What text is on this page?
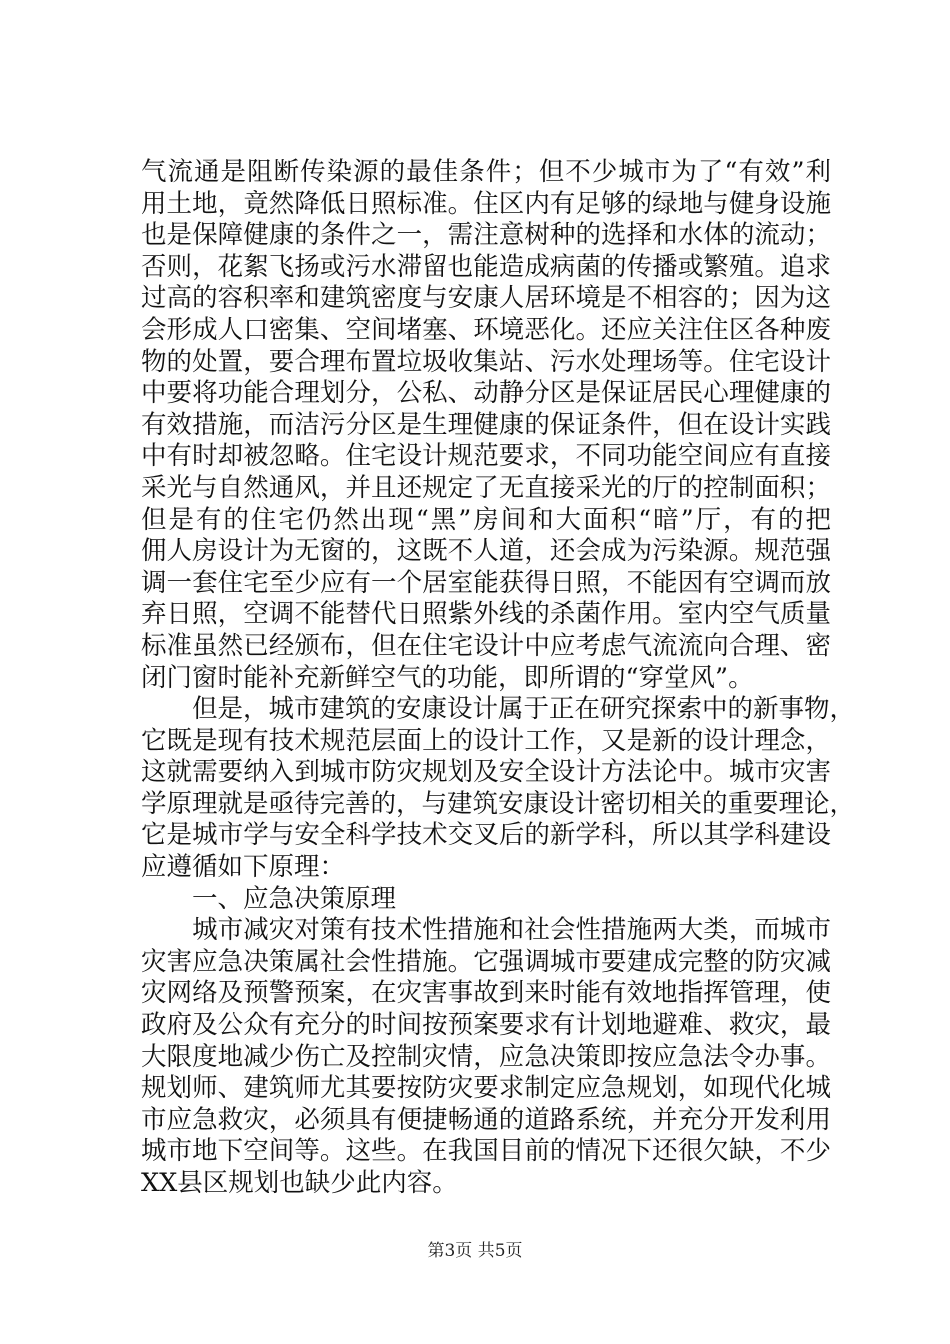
气流通是阻断传染源的最佳条件；但不少城市为了“有效”利
用土地，竟然降低日照标准。住区内有足够的绿地与健身设施
也是保障健康的条件之一，需注意树种的选择和水体的流动；
否则，花絮飞扬或污水滞留也能造成病菌的传播或繁殖。追求
过高的容积率和建筑密度与安康人居环境是不相容的；因为这
会形成人口密集、空间堵塞、环境恶化。还应关注住区各种废
物的处置，要合理布置垃圾收集站、污水处理场等。住宅设计
中要将功能合理划分，公私、动静分区是保证居民心理健康的
有效措施，而洁污分区是生理健康的保证条件，但在设计实践
中有时却被忽略。住宅设计规范要求，不同功能空间应有直接
采光与自然通风，并且还规定了无直接采光的厅的控制面积；
但是有的住宅仍然出现“黑”房间和大面积“暗”厅，有的把
佣人房设计为无窗的，这既不人道，还会成为污染源。规范强
调一套住宅至少应有一个居室能获得日照，不能因有空调而放
弃日照，空调不能替代日照紫外线的杀菌作用。室内空气质量
标准虽然已经颁布，但在住宅设计中应考虑气流流向合理、密
闭门窗时能补充新鲜空气的功能，即所谓的“穿堂风”。
　　但是，城市建筑的安康设计属于正在研究探索中的新事物，
它既是现有技术规范层面上的设计工作，又是新的设计理念，
这就需要纳入到城市防灾规划及安全设计方法论中。城市灾害
学原理就是亟待完善的，与建筑安康设计密切相关的重要理论，
它是城市学与安全科学技术交叉后的新学科，所以其学科建设
应遵循如下原理：
　　一、应急决策原理
　　城市减灾对策有技术性措施和社会性措施两大类，而城市
灾害应急决策属社会性措施。它强调城市要建成完整的防灾减
灾网络及预警预案，在灾害事故到来时能有效地指挥管理，使
政府及公众有充分的时间按预案要求有计划地避难、救灾，最
大限度地减少伤亡及控制灾情，应急决策即按应急法令办事。
规划师、建筑师尤其要按防灾要求制定应急规划，如现代化城
市应急救灾，必须具有便捷畅通的道路系统，并充分开发利用
城市地下空间等。这些。在我国目前的情况下还很欠缺，不少
XX县区规划也缺少此内容。
第3页 共5页
